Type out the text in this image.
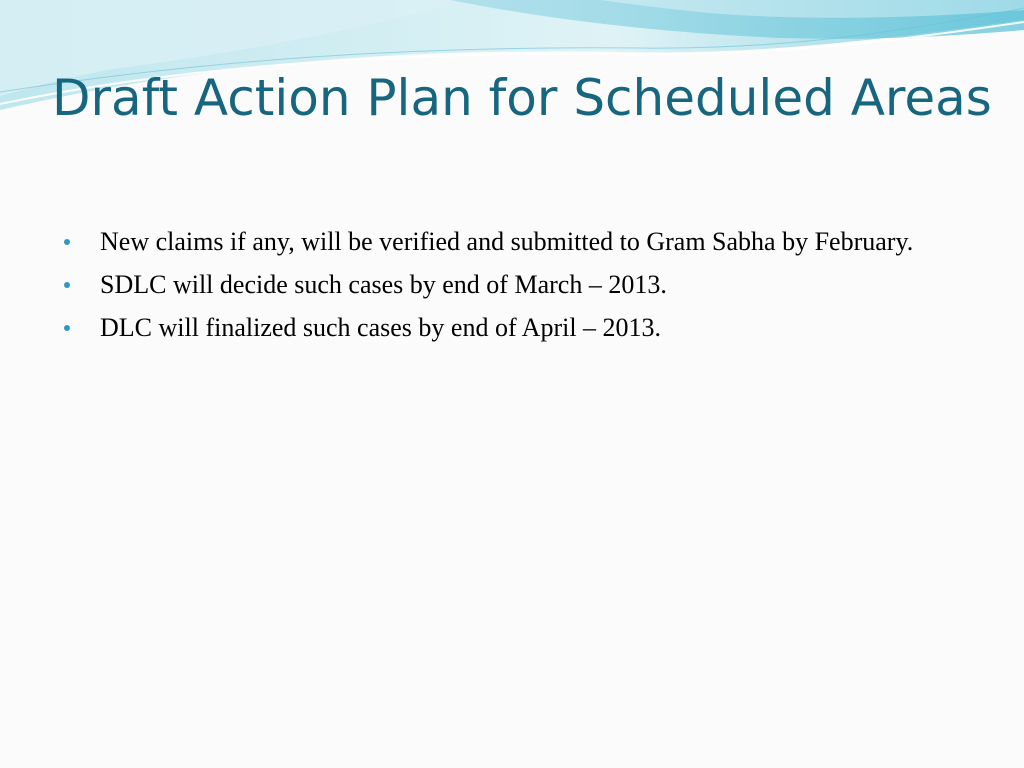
Draft Action Plan for Scheduled Areas
New claims if any, will be verified and submitted to Gram Sabha by February.
SDLC will decide such cases by end of March – 2013.
DLC will finalized such cases by end of April – 2013.
